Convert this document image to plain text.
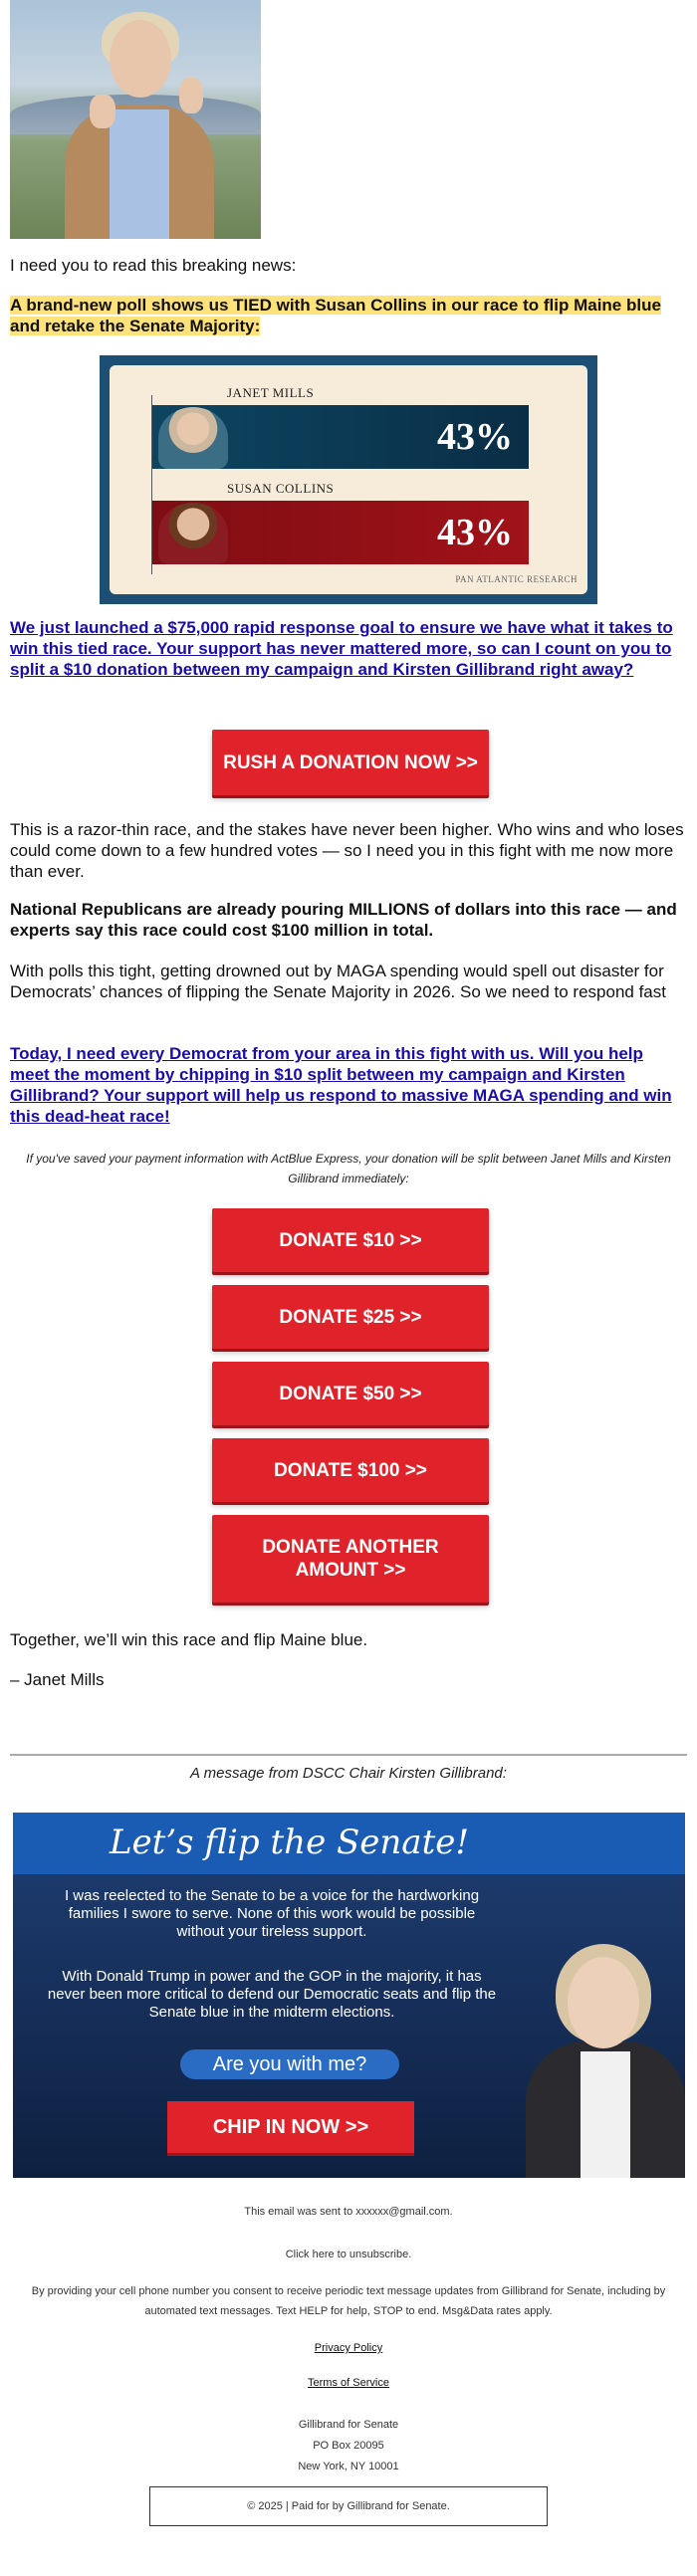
I need you to read this breaking news:
A brand-new poll shows us TIED with Susan Collins in our race to flip Maine blue and retake the Senate Majority:
JANET MILLS
43%
SUSAN COLLINS
43%
PAN ATLANTIC RESEARCH
We just launched a $75,000 rapid response goal to ensure we have what it takes to win this tied race. Your support has never mattered more, so can I count on you to split a $10 donation between my campaign and Kirsten Gillibrand right away?
RUSH A DONATION NOW >>
This is a razor-thin race, and the stakes have never been higher. Who wins and who loses could come down to a few hundred votes — so I need you in this fight with me now more than ever.
National Republicans are already pouring MILLIONS of dollars into this race — and experts say this race could cost $100 million in total.
With polls this tight, getting drowned out by MAGA spending would spell out disaster for Democrats’ chances of flipping the Senate Majority in 2026. So we need to respond fast
Today, I need every Democrat from your area in this fight with us. Will you help meet the moment by chipping in $10 split between my campaign and Kirsten Gillibrand? Your support will help us respond to massive MAGA spending and win this dead-heat race!
If you've saved your payment information with ActBlue Express, your donation will be split between Janet Mills and Kirsten Gillibrand immediately:
DONATE $10 >>
DONATE $25 >>
DONATE $50 >>
DONATE $100 >>
DONATE ANOTHER AMOUNT >>
Together, we’ll win this race and flip Maine blue.
– Janet Mills
A message from DSCC Chair Kirsten Gillibrand:
Let’s flip the Senate!
I was reelected to the Senate to be a voice for the hardworking families I swore to serve. None of this work would be possible without your tireless support.
With Donald Trump in power and the GOP in the majority, it has never been more critical to defend our Democratic seats and flip the Senate blue in the midterm elections.
Are you with me?
CHIP IN NOW >>
This email was sent to xxxxxx@gmail.com.
Click here to unsubscribe.
By providing your cell phone number you consent to receive periodic text message updates from Gillibrand for Senate, including by automated text messages. Text HELP for help, STOP to end. Msg&Data rates apply.
Privacy Policy
Terms of Service
Gillibrand for Senate
PO Box 20095
New York, NY 10001
© 2025 | Paid for by Gillibrand for Senate.
